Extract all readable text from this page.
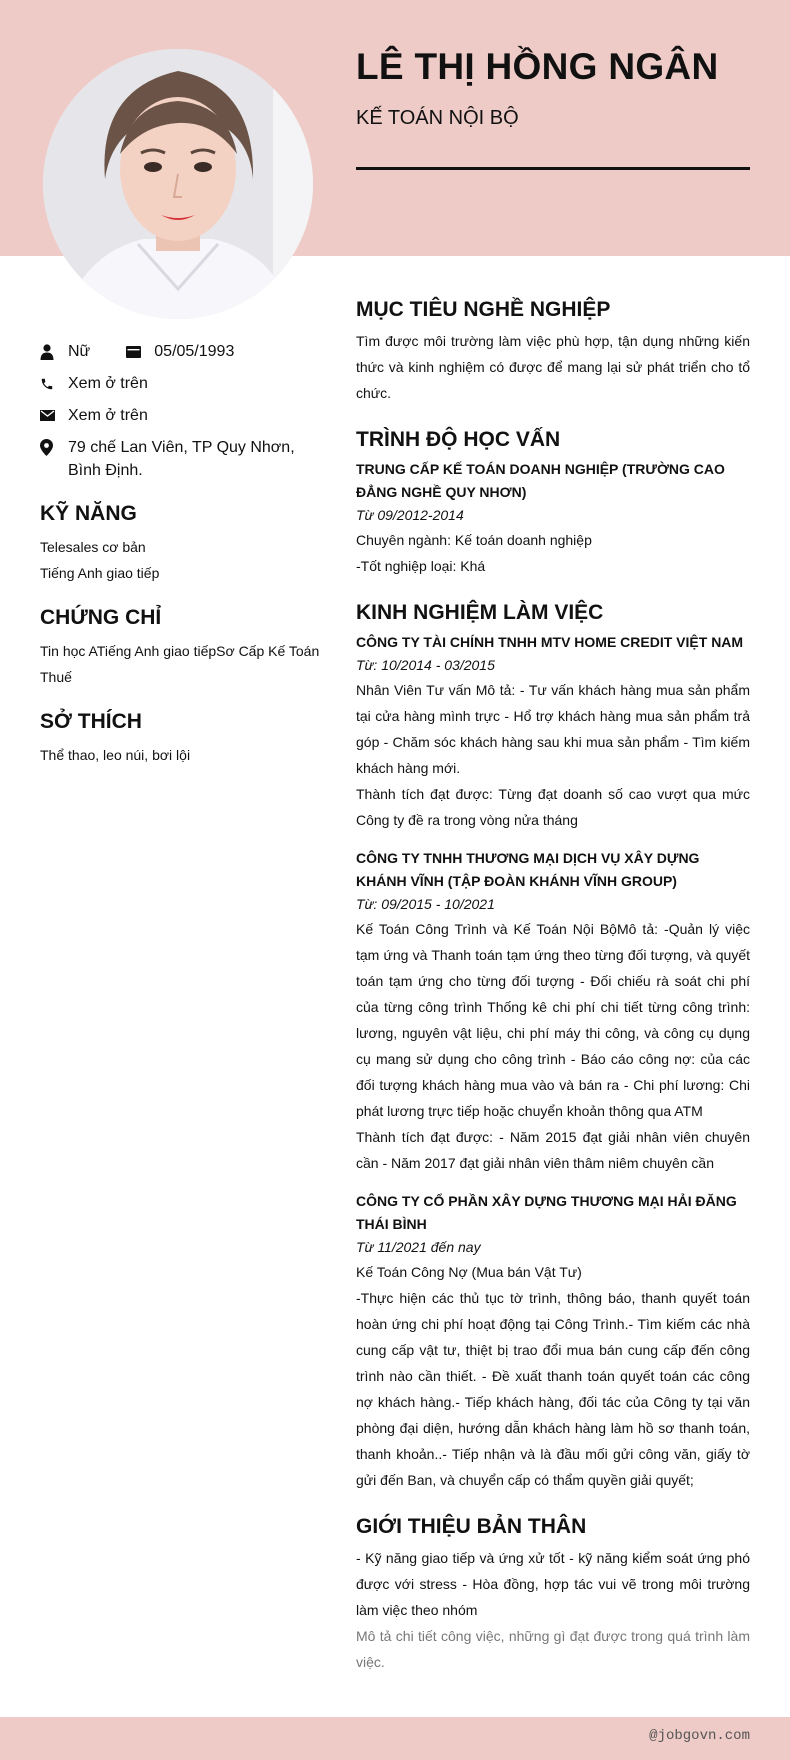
LÊ THỊ HỒNG NGÂN
KẾ TOÁN NỘI BỘ
Nữ	05/05/1993
Xem ở trên
Xem ở trên
79 chế Lan Viên, TP Quy Nhơn, Bình Định.
KỸ NĂNG
Telesales cơ bản
Tiếng Anh giao tiếp
CHỨNG CHỈ
Tin học ATiếng Anh giao tiếpSơ Cấp Kế Toán Thuế
SỞ THÍCH
Thể thao, leo núi, bơi lội
MỤC TIÊU NGHỀ NGHIỆP
Tìm được môi trường làm việc phù hợp, tận dụng những kiến thức và kinh nghiệm có được để mang lại sử phát triển cho tổ chức.
TRÌNH ĐỘ HỌC VẤN
TRUNG CẤP KẾ TOÁN DOANH NGHIỆP (TRƯỜNG CAO ĐẲNG NGHỀ QUY NHƠN)
Từ 09/2012-2014
Chuyên ngành: Kế toán doanh nghiệp
-Tốt nghiệp loại: Khá
KINH NGHIỆM LÀM VIỆC
CÔNG TY TÀI CHÍNH TNHH MTV HOME CREDIT VIỆT NAM
Từ: 10/2014 - 03/2015
Nhân Viên Tư vấn Mô tả: - Tư vấn khách hàng mua sản phẩm tại cửa hàng mình trực - Hổ trợ khách hàng mua sản phẩm trả góp - Chăm sóc khách hàng sau khi mua sản phẩm - Tìm kiếm khách hàng mới.
Thành tích đạt được: Từng đạt doanh số cao vượt qua mức Công ty đề ra trong vòng nửa tháng
CÔNG TY TNHH THƯƠNG MẠI DỊCH VỤ XÂY DỰNG KHÁNH VĨNH (TẬP ĐOÀN KHÁNH VĨNH GROUP)
Từ: 09/2015 - 10/2021
Kế Toán Công Trình và Kế Toán Nội BộMô tả: -Quản lý việc tạm ứng và Thanh toán tạm ứng theo từng đối tượng, và quyết toán tạm ứng cho từng đối tượng - Đối chiếu rà soát chi phí của từng công trình Thống kê chi phí chi tiết từng công trình: lương, nguyên vật liệu, chi phí máy thi công, và công cụ dụng cụ mang sử dụng cho công trình - Báo cáo công nợ: của các đối tượng khách hàng mua vào và bán ra - Chi phí lương: Chi phát lương trực tiếp hoặc chuyển khoản thông qua ATM
Thành tích đạt được: - Năm 2015 đạt giải nhân viên chuyên cần - Năm 2017 đạt giải nhân viên thâm niêm chuyên cần
CÔNG TY CỔ PHẦN XÂY DỰNG THƯƠNG MẠI HẢI ĐĂNG THÁI BÌNH
Từ 11/2021 đến nay
Kế Toán Công Nợ (Mua bán Vật Tư)
-Thực hiện các thủ tục tờ trình, thông báo, thanh quyết toán hoàn ứng chi phí hoạt động tại Công Trình.- Tìm kiếm các nhà cung cấp vật tư, thiệt bị trao đổi mua bán cung cấp đến công trình nào cần thiết. - Đề xuất thanh toán quyết toán các công nợ khách hàng.- Tiếp khách hàng, đối tác của Công ty tại văn phòng đại diện, hướng dẫn khách hàng làm hồ sơ thanh toán, thanh khoản..- Tiếp nhận và là đầu mối gửi công văn, giấy tờ gửi đến Ban, và chuyển cấp có thẩm quyền giải quyết;
GIỚI THIỆU BẢN THÂN
- Kỹ năng giao tiếp và ứng xử tốt - kỹ năng kiểm soát ứng phó được với stress - Hòa đồng, hợp tác vui vẽ trong môi trường làm việc theo nhóm
Mô tả chi tiết công việc, những gì đạt được trong quá trình làm việc.
@jobgovn.com
